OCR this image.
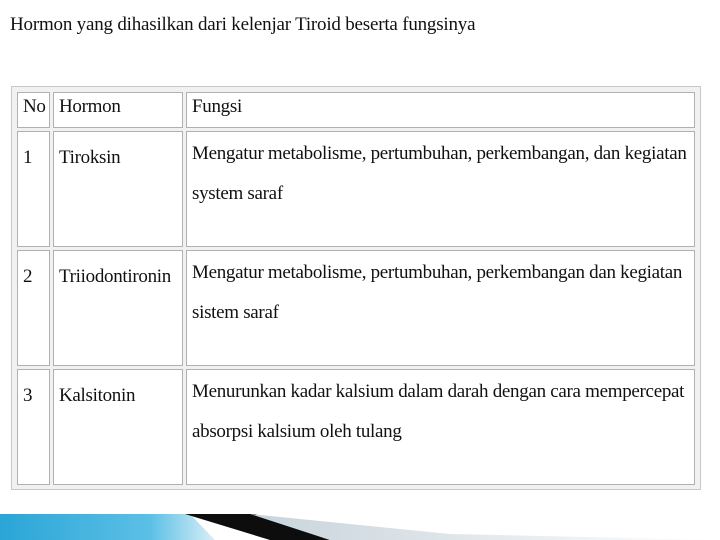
Hormon yang dihasilkan dari kelenjar Tiroid beserta fungsinya
No	Hormon	Fungsi
1	Tiroksin	Mengatur metabolisme, pertumbuhan, perkembangan, dan kegiatan system saraf
2	Triiodontironin	Mengatur metabolisme, pertumbuhan, perkembangan dan kegiatan sistem saraf
3	Kalsitonin	Menurunkan kadar kalsium dalam darah dengan cara mempercepat absorpsi kalsium oleh tulang
